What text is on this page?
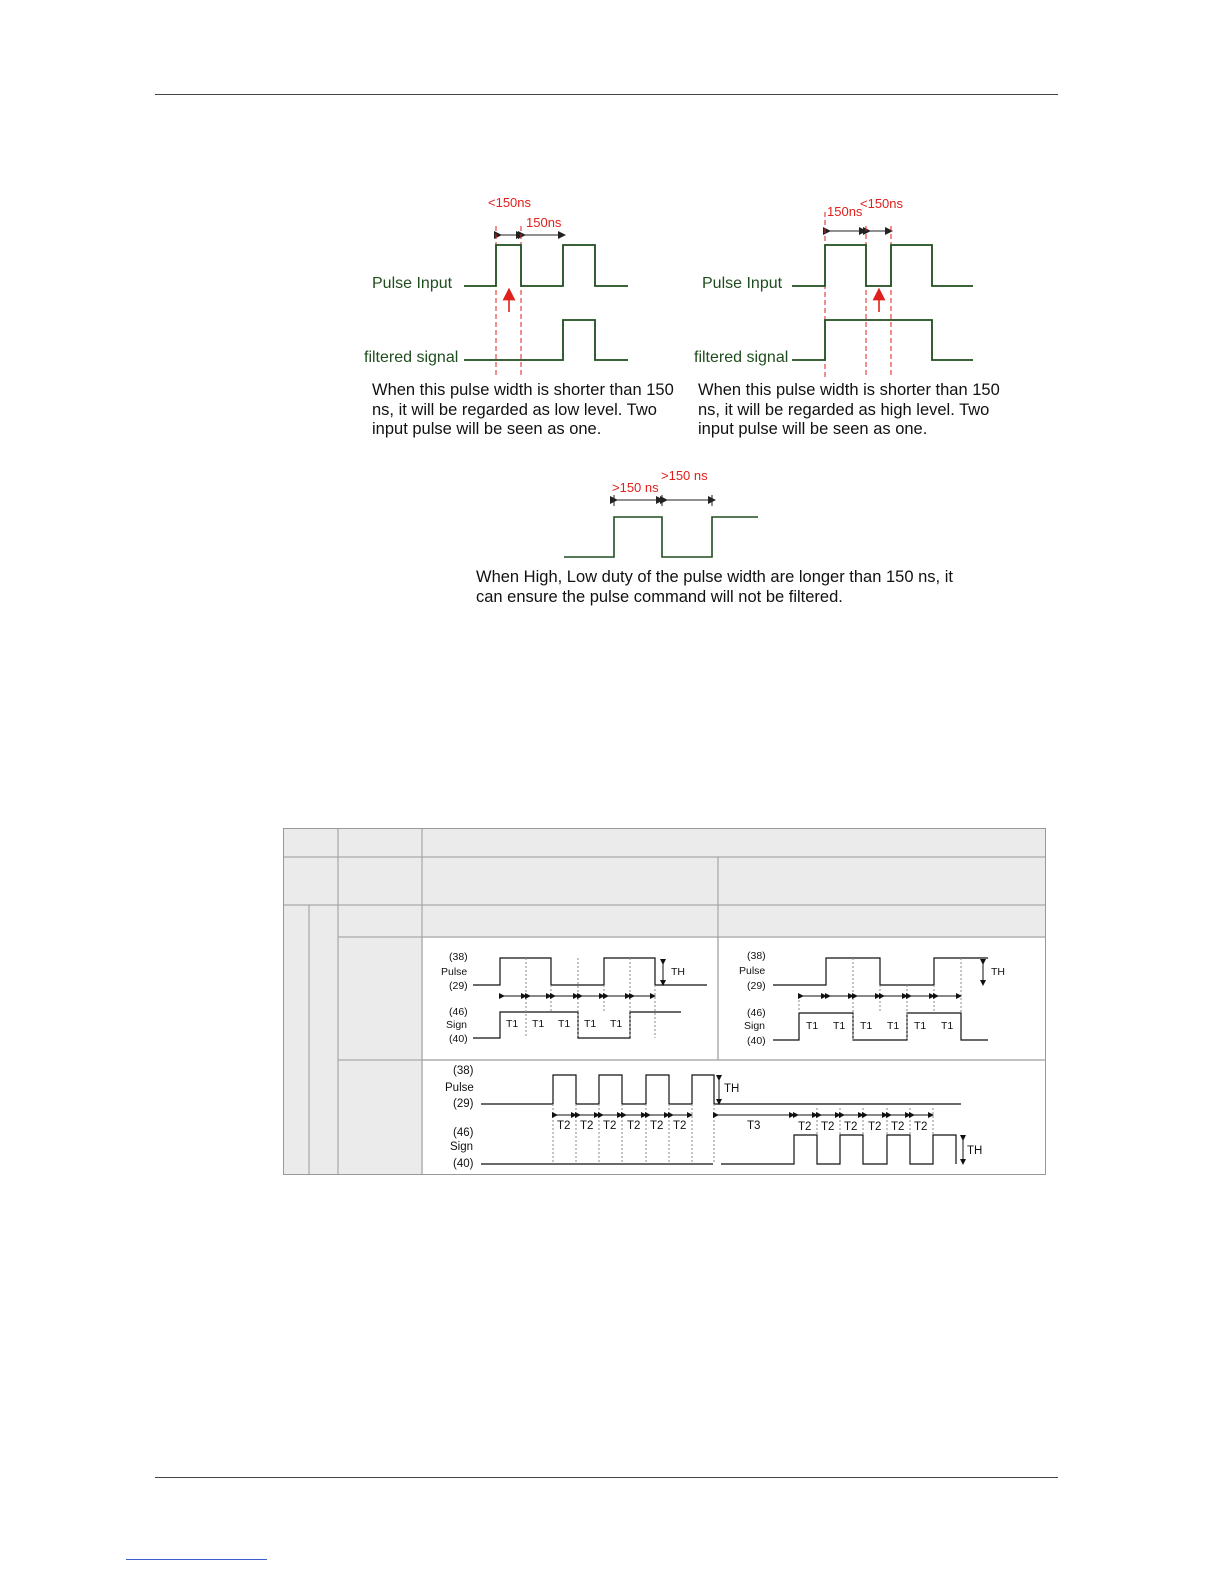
<150ns
150ns
Pulse Input
filtered signal
When this pulse width is shorter than 150 ns, it will be regarded as low level. Two input pulse will be seen as one.
150ns
<150ns
Pulse Input
filtered signal
When this pulse width is shorter than 150 ns, it will be regarded as high level. Two input pulse will be seen as one.
>150 ns
>150 ns
When High, Low duty of the pulse width are longer than 150 ns, it can ensure the pulse command will not be filtered.
(38)
Pulse
(29)
(46)
Sign
(40)
TH
T1 T1 T1 T1 T1
(38)
Pulse
(29)
(46)
Sign
(40)
TH
T1 T1 T1 T1 T1 T1
(38)
Pulse
(29)
(46)
Sign
(40)
TH
TH
T2 T2 T2 T2 T2 T2	T3	T2 T2 T2 T2 T2 T2
